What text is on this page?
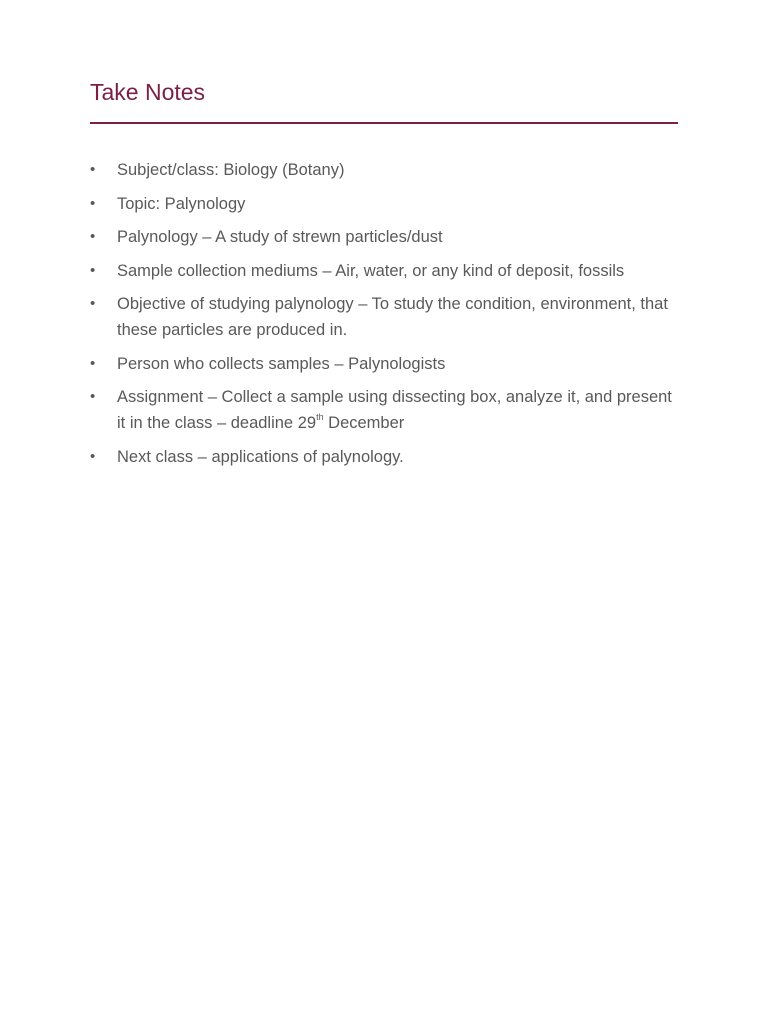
Take Notes
• Subject/class: Biology (Botany)
• Topic: Palynology
• Palynology – A study of strewn particles/dust
• Sample collection mediums – Air, water, or any kind of deposit, fossils
• Objective of studying palynology – To study the condition, environment, that these particles are produced in.
• Person who collects samples – Palynologists
• Assignment – Collect a sample using dissecting box, analyze it, and present it in the class – deadline 29th December
• Next class – applications of palynology.
